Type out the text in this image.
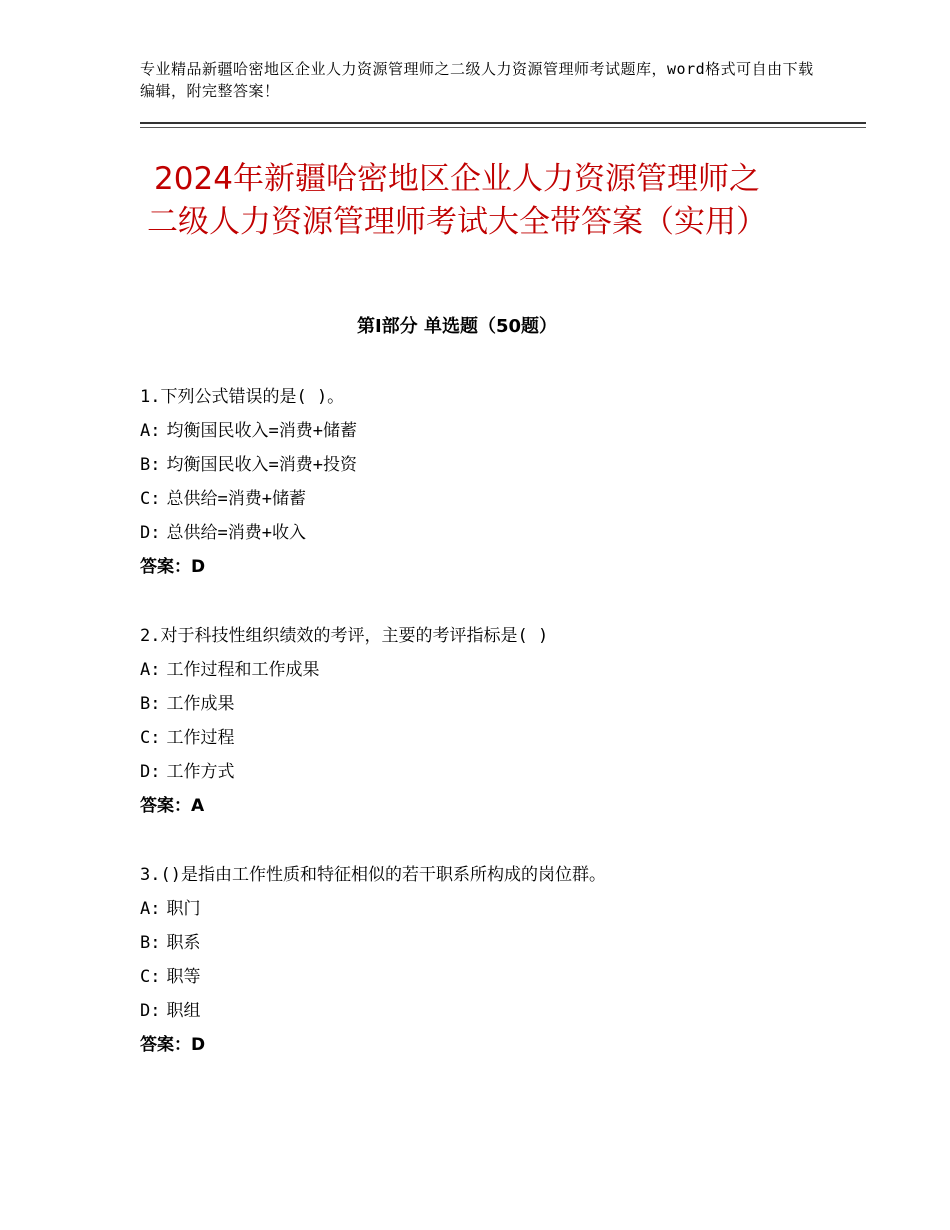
专业精品新疆哈密地区企业人力资源管理师之二级人力资源管理师考试题库，word格式可自由下载编辑，附完整答案！
2024年新疆哈密地区企业人力资源管理师之二级人力资源管理师考试大全带答案（实用）
第Ⅰ部分 单选题（50题）
1.下列公式错误的是( )。
A: 均衡国民收入=消费+储蓄
B: 均衡国民收入=消费+投资
C: 总供给=消费+储蓄
D: 总供给=消费+收入
答案：D
2.对于科技性组织绩效的考评，主要的考评指标是( )
A: 工作过程和工作成果
B: 工作成果
C: 工作过程
D: 工作方式
答案：A
3.()是指由工作性质和特征相似的若干职系所构成的岗位群。
A: 职门
B: 职系
C: 职等
D: 职组
答案：D
